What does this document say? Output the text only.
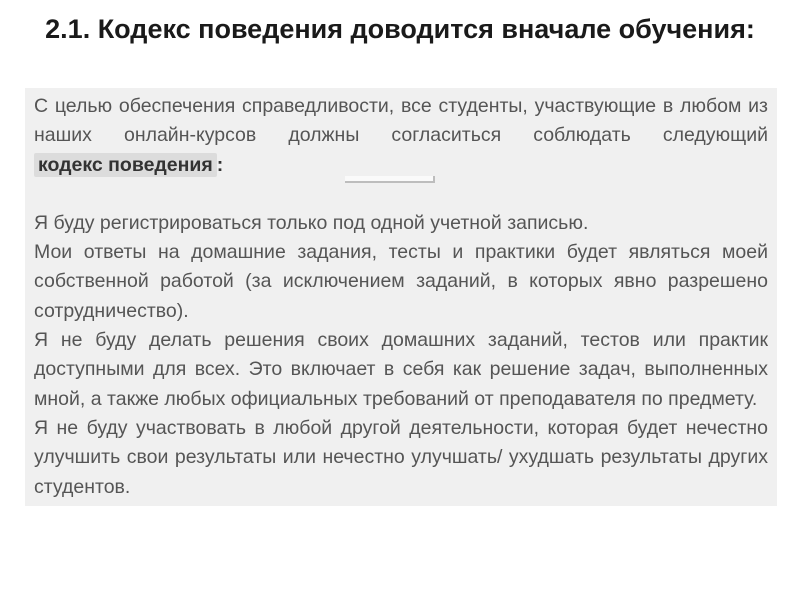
2.1. Кодекс поведения доводится вначале обучения:

С целью обеспечения справедливости, все студенты, участвующие в любом из наших онлайн-курсов должны согласиться соблюдать следующий кодекс поведения :

Я буду регистрироваться только под одной учетной записью.

Мои ответы на домашние задания, тесты и практики будет являться моей собственной работой (за исключением заданий, в которых явно разрешено сотрудничество).

Я не буду делать решения своих домашних заданий, тестов или практик доступными для всех. Это включает в себя как решение задач, выполненных мной, а также любых официальных требований от преподавателя по предмету.

Я не буду участвовать в любой другой деятельности, которая будет нечестно улучшить свои результаты или нечестно улучшать/ ухудшать результаты других студентов.
